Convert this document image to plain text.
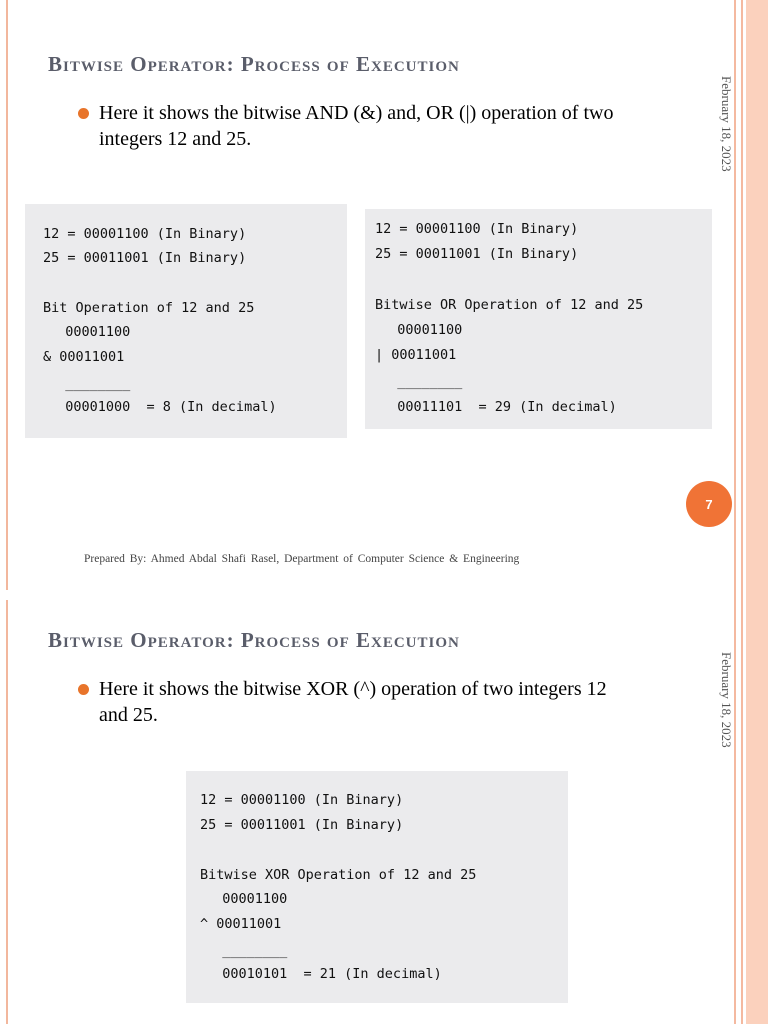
Bitwise Operator: Process of Execution
Here it shows the bitwise AND (&) and, OR (|) operation of two integers 12 and 25.	February 18, 2023
12 = 00001100 (In Binary)
25 = 00011001 (In Binary)
Bit Operation of 12 and 25
00001100
& 00011001
________
00001000  = 8 (In decimal)
12 = 00001100 (In Binary)
25 = 00011001 (In Binary)
Bitwise OR Operation of 12 and 25
00001100
| 00011001
________
00011101  = 29 (In decimal)
7
Prepared By: Ahmed Abdal Shafi Rasel, Department of Computer Science & Engineering
Bitwise Operator: Process of Execution
Here it shows the bitwise XOR (^) operation of two integers 12 and 25.	February 18, 2023
12 = 00001100 (In Binary)
25 = 00011001 (In Binary)
Bitwise XOR Operation of 12 and 25
00001100
^ 00011001
________
00010101  = 21 (In decimal)
